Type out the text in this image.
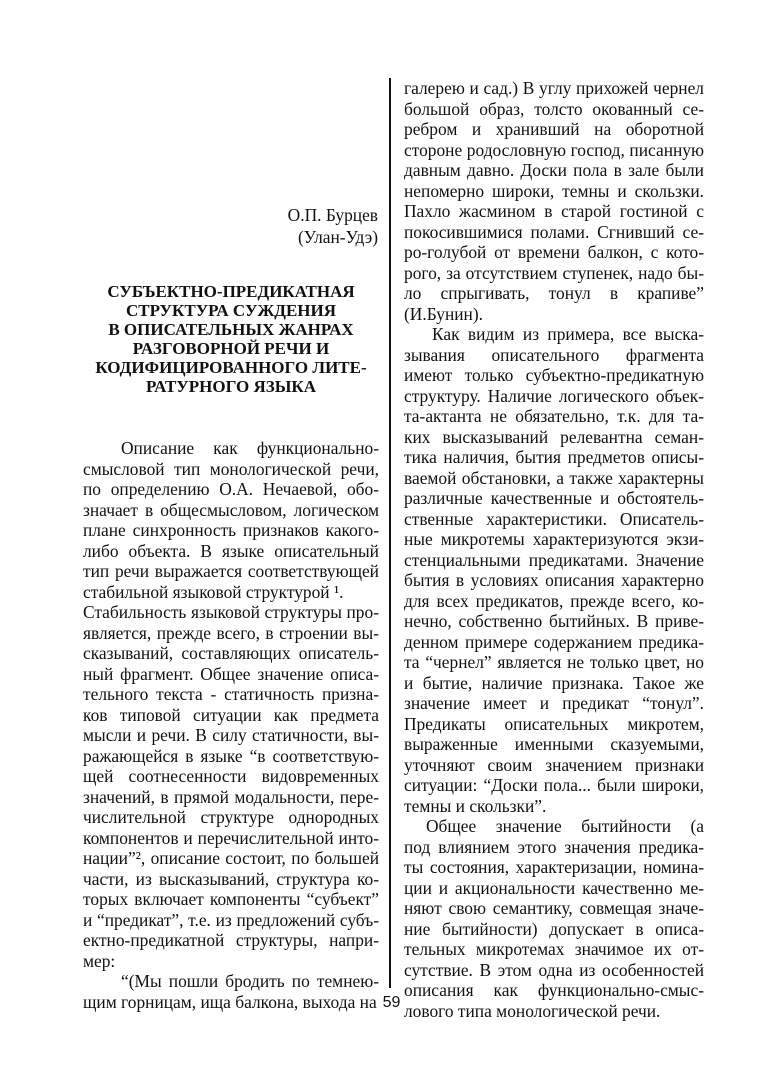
О.П. Бурцев
(Улан-Удэ)
СУБЪЕКТНО-ПРЕДИКАТНАЯ
СТРУКТУРА СУЖДЕНИЯ
В ОПИСАТЕЛЬНЫХ ЖАНРАХ
РАЗГОВОРНОЙ РЕЧИ И
КОДИФИЦИРОВАННОГО ЛИТЕ-
РАТУРНОГО ЯЗЫКА
Описание как функционально-
смысловой тип монологической речи,
по определению О.А. Нечаевой, обо-
значает в общесмысловом, логическом
плане синхронность признаков какого-
либо объекта. В языке описательный
тип речи выражается соответствующей
стабильной языковой структурой ¹.
Стабильность языковой структуры про-
является, прежде всего, в строении вы-
сказываний, составляющих описатель-
ный фрагмент. Общее значение описа-
тельного текста - статичность призна-
ков типовой ситуации как предмета
мысли и речи. В силу статичности, вы-
ражающейся в языке “в соответствую-
щей соотнесенности видовременных
значений, в прямой модальности, пере-
числительной структуре однородных
компонентов и перечислительной инто-
нации”², описание состоит, по большей
части, из высказываний, структура ко-
торых включает компоненты “субъект”
и “предикат”, т.е. из предложений субъ-
ектно-предикатной структуры, напри-
мер:
“(Мы пошли бродить по темнею-
щим горницам, ища балкона, выхода на
галерею и сад.) В углу прихожей чернел
большой образ, толсто окованный се-
ребром и хранивший на оборотной
стороне родословную господ, писанную
давным давно. Доски пола в зале были
непомерно широки, темны и скользки.
Пахло жасмином в старой гостиной с
покосившимися полами. Сгнивший се-
ро-голубой от времени балкон, с кото-
рого, за отсутствием ступенек, надо бы-
ло спрыгивать, тонул в крапиве”
(И.Бунин).
Как видим из примера, все выска-
зывания описательного фрагмента
имеют только субъектно-предикатную
структуру. Наличие логического объек-
та-актанта не обязательно, т.к. для та-
ких высказываний релевантна семан-
тика наличия, бытия предметов описы-
ваемой обстановки, а также характерны
различные качественные и обстоятель-
ственные характеристики. Описатель-
ные микротемы характеризуются экзи-
стенциальными предикатами. Значение
бытия в условиях описания характерно
для всех предикатов, прежде всего, ко-
нечно, собственно бытийных. В приве-
денном примере содержанием предика-
та “чернел” является не только цвет, но
и бытие, наличие признака. Такое же
значение имеет и предикат “тонул”.
Предикаты описательных микротем,
выраженные именными сказуемыми,
уточняют своим значением признаки
ситуации: “Доски пола... были широки,
темны и скользки”.
Общее значение бытийности (а
под влиянием этого значения предика-
ты состояния, характеризации, номина-
ции и акциональности качественно ме-
няют свою семантику, совмещая значе-
ние бытийности) допускает в описа-
тельных микротемах значимое их от-
сутствие. В этом одна из особенностей
описания как функционально-смыс-
лового типа монологической речи.
59
